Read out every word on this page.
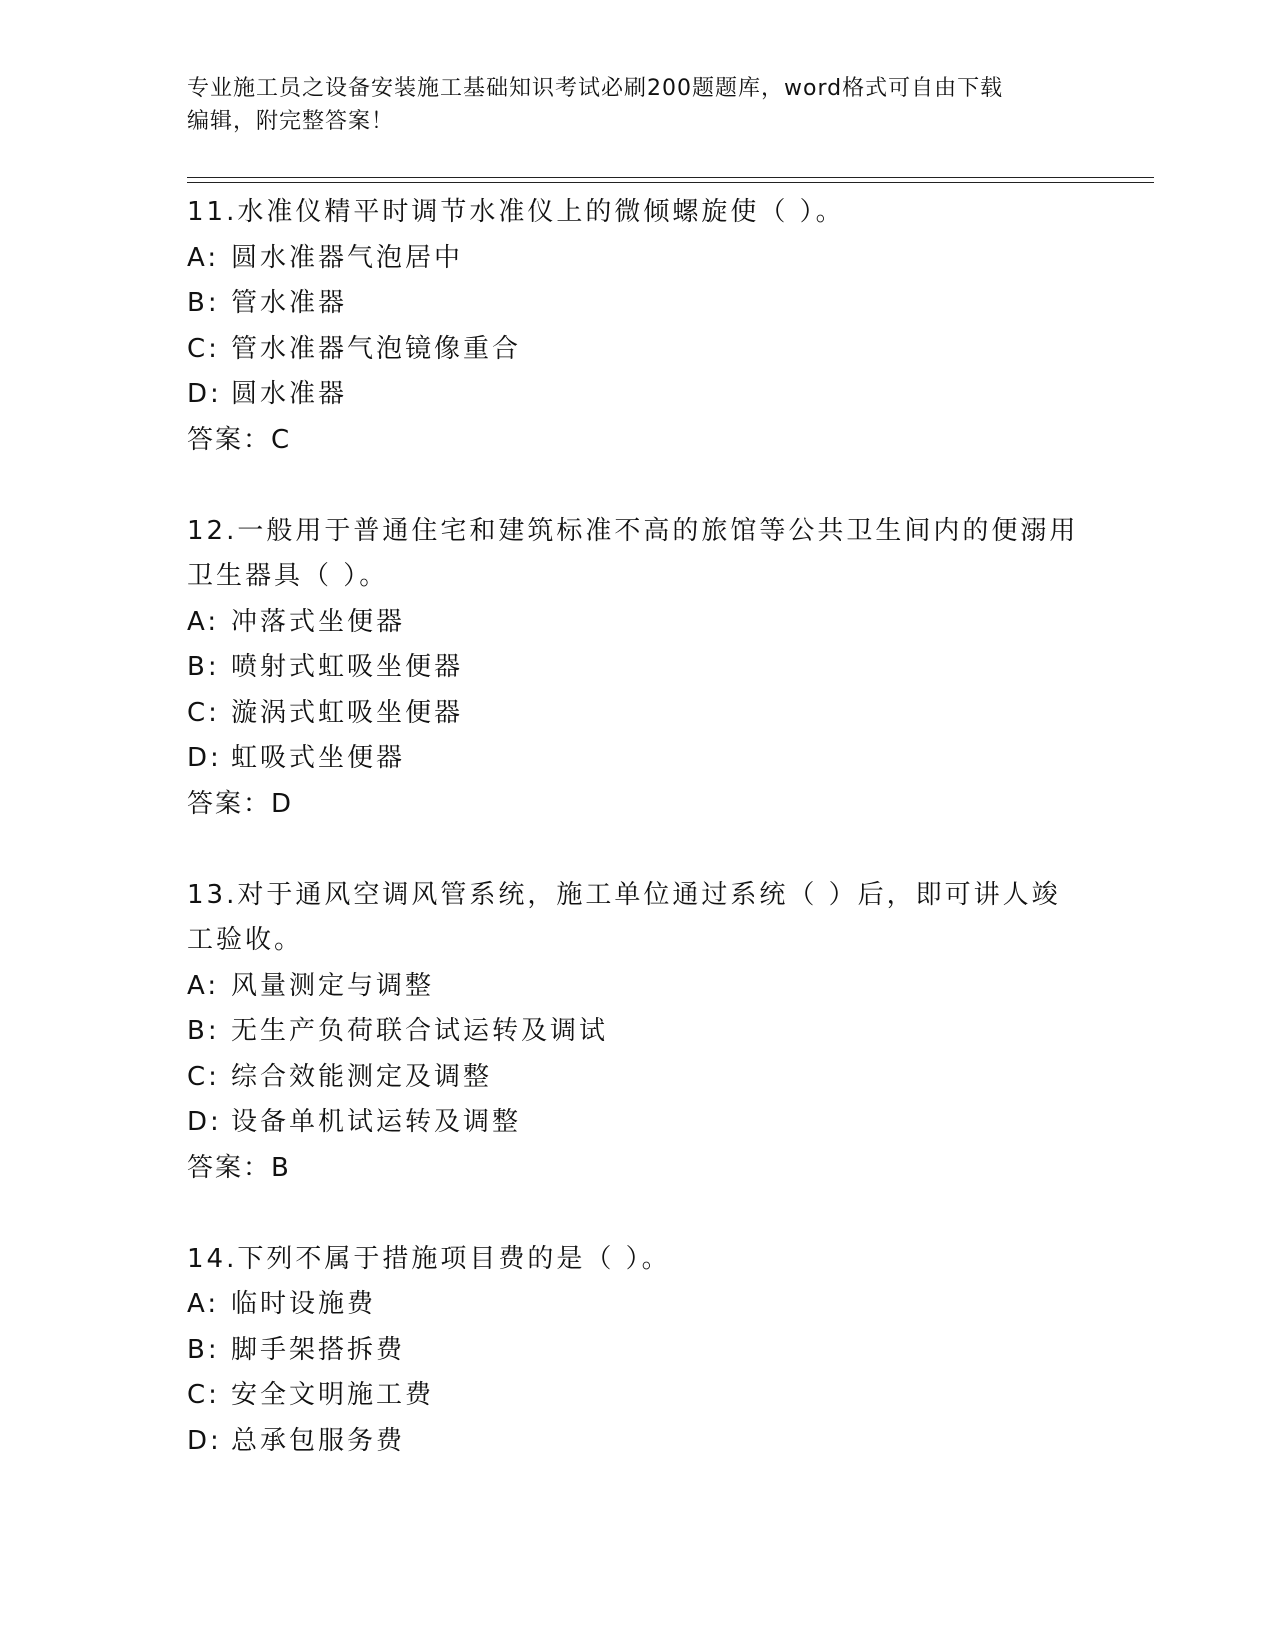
专业施工员之设备安装施工基础知识考试必刷200题题库，word格式可自由下载
编辑，附完整答案！
11.水准仪精平时调节水准仪上的微倾螺旋使（ ）。
A: 圆水准器气泡居中
B: 管水准器
C: 管水准器气泡镜像重合
D: 圆水准器
答案：C
12.一般用于普通住宅和建筑标准不高的旅馆等公共卫生间内的便溺用
卫生器具（ ）。
A: 冲落式坐便器
B: 喷射式虹吸坐便器
C: 漩涡式虹吸坐便器
D: 虹吸式坐便器
答案：D
13.对于通风空调风管系统，施工单位通过系统（ ）后，即可讲人竣
工验收。
A: 风量测定与调整
B: 无生产负荷联合试运转及调试
C: 综合效能测定及调整
D: 设备单机试运转及调整
答案：B
14.下列不属于措施项目费的是（ ）。
A: 临时设施费
B: 脚手架搭拆费
C: 安全文明施工费
D: 总承包服务费
